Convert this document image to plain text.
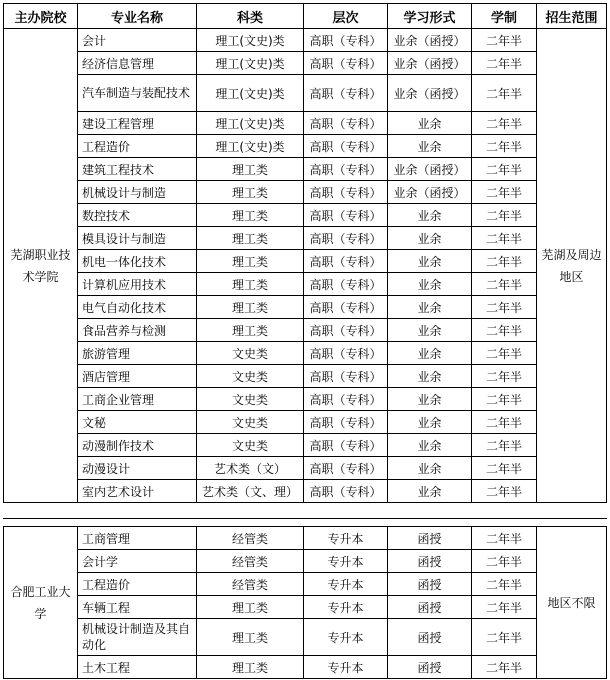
主办院校	专业名称	科类	层次	学习形式	学制	招生范围
芜湖职业技术学院	会计	理工(文史)类	高职（专科）	业余（函授）	二年半	芜湖及周边地区
	经济信息管理	理工(文史)类	高职（专科）	业余（函授）	二年半	
	汽车制造与装配技术	理工(文史)类	高职（专科）	业余（函授）	二年半	
	建设工程管理	理工(文史)类	高职（专科）	业余	二年半	
	工程造价	理工(文史)类	高职（专科）	业余	二年半	
	建筑工程技术	理工类	高职（专科）	业余（函授）	二年半	
	机械设计与制造	理工类	高职（专科）	业余（函授）	二年半	
	数控技术	理工类	高职（专科）	业余	二年半	
	模具设计与制造	理工类	高职（专科）	业余	二年半	
	机电一体化技术	理工类	高职（专科）	业余	二年半	
	计算机应用技术	理工类	高职（专科）	业余	二年半	
	电气自动化技术	理工类	高职（专科）	业余	二年半	
	食品营养与检测	理工类	高职（专科）	业余	二年半	
	旅游管理	文史类	高职（专科）	业余	二年半	
	酒店管理	文史类	高职（专科）	业余	二年半	
	工商企业管理	文史类	高职（专科）	业余	二年半	
	文秘	文史类	高职（专科）	业余	二年半	
	动漫制作技术	文史类	高职（专科）	业余	二年半	
	动漫设计	艺术类（文）	高职（专科）	业余	二年半	
	室内艺术设计	艺术类（文、理）	高职（专科）	业余	二年半	
合肥工业大学	工商管理	经管类	专升本	函授	二年半	地区不限
	会计学	经管类	专升本	函授	二年半	
	工程造价	经管类	专升本	函授	二年半	
	车辆工程	理工类	专升本	函授	二年半	
	机械设计制造及其自动化	理工类	专升本	函授	二年半	
	土木工程	理工类	专升本	函授	二年半	
